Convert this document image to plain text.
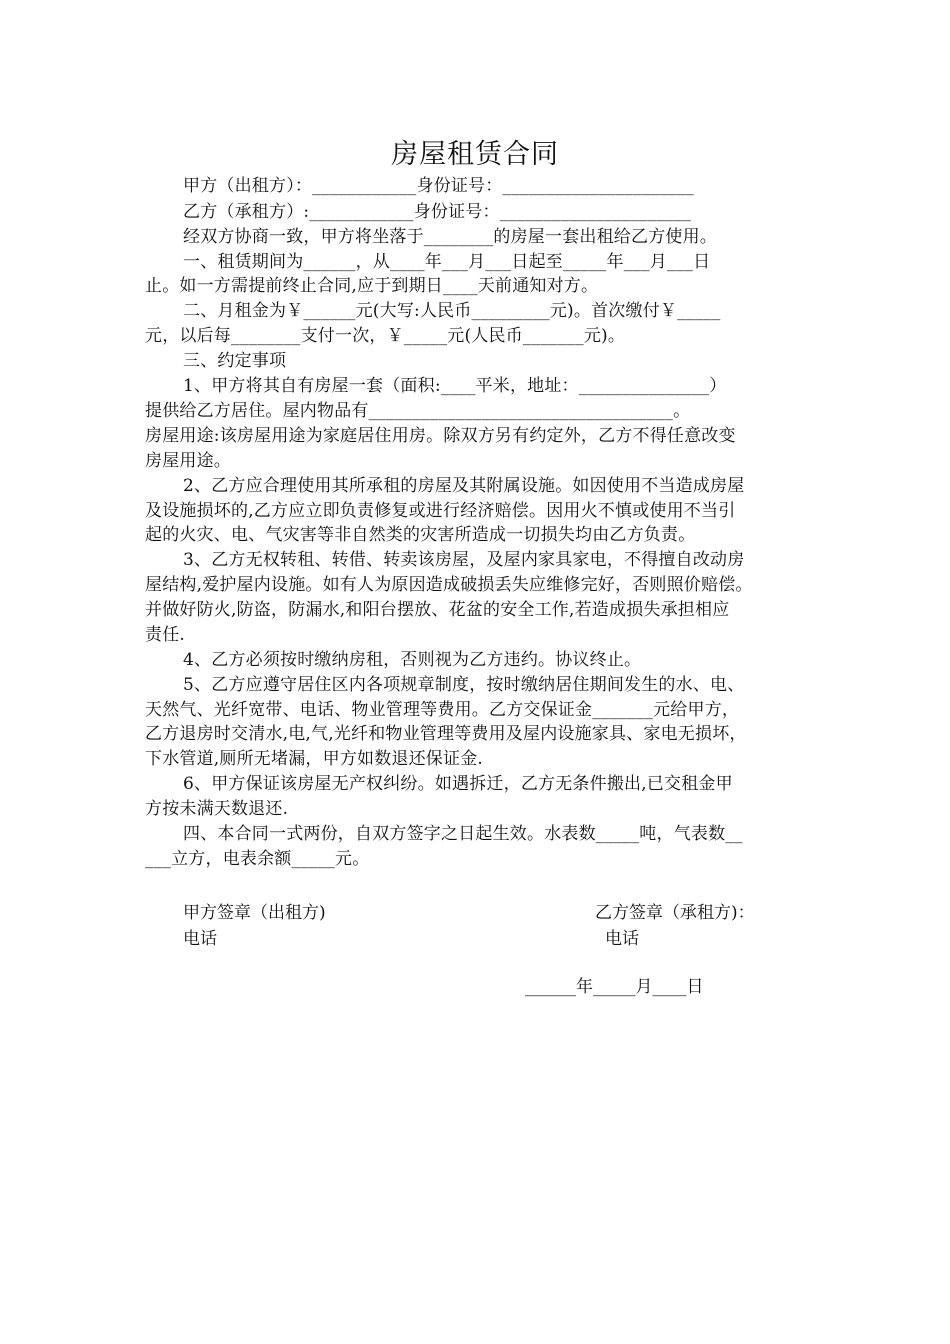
房屋租赁合同
甲方（出租方）：____________身份证号：______________________
乙方（承租方）:____________身份证号：______________________
经双方协商一致，甲方将坐落于________的房屋一套出租给乙方使用。
一、租赁期间为______，从____年___月___日起至_____年___月___日
止。如一方需提前终止合同,应于到期日____天前通知对方。
二、月租金为￥______元(大写:人民币_________元)。首次缴付￥_____
元，以后每________支付一次，￥_____元(人民币_______元)。
三、约定事项
1、甲方将其自有房屋一套（面积:____平米，地址：_______________）
提供给乙方居住。屋内物品有___________________________________。
房屋用途:该房屋用途为家庭居住用房。除双方另有约定外，乙方不得任意改变
房屋用途。
2、乙方应合理使用其所承租的房屋及其附属设施。如因使用不当造成房屋
及设施损坏的,乙方应立即负责修复或进行经济赔偿。因用火不慎或使用不当引
起的火灾、电、气灾害等非自然类的灾害所造成一切损失均由乙方负责。
3、乙方无权转租、转借、转卖该房屋，及屋内家具家电，不得擅自改动房
屋结构,爱护屋内设施。如有人为原因造成破损丢失应维修完好，否则照价赔偿。
并做好防火,防盗，防漏水,和阳台摆放、花盆的安全工作,若造成损失承担相应
责任.
4、乙方必须按时缴纳房租，否则视为乙方违约。协议终止。
5、乙方应遵守居住区内各项规章制度，按时缴纳居住期间发生的水、电、
天然气、光纤宽带、电话、物业管理等费用。乙方交保证金_______元给甲方，
乙方退房时交清水,电,气,光纤和物业管理等费用及屋内设施家具、家电无损坏，
下水管道,厕所无堵漏，甲方如数退还保证金.
6、甲方保证该房屋无产权纠纷。如遇拆迁，乙方无条件搬出,已交租金甲
方按未满天数退还.
四、本合同一式两份，自双方签字之日起生效。水表数_____吨，气表数__
___立方，电表余额_____元。
甲方签章（出租方)	乙方签章（承租方)：
电话	电话
______年_____月____日
